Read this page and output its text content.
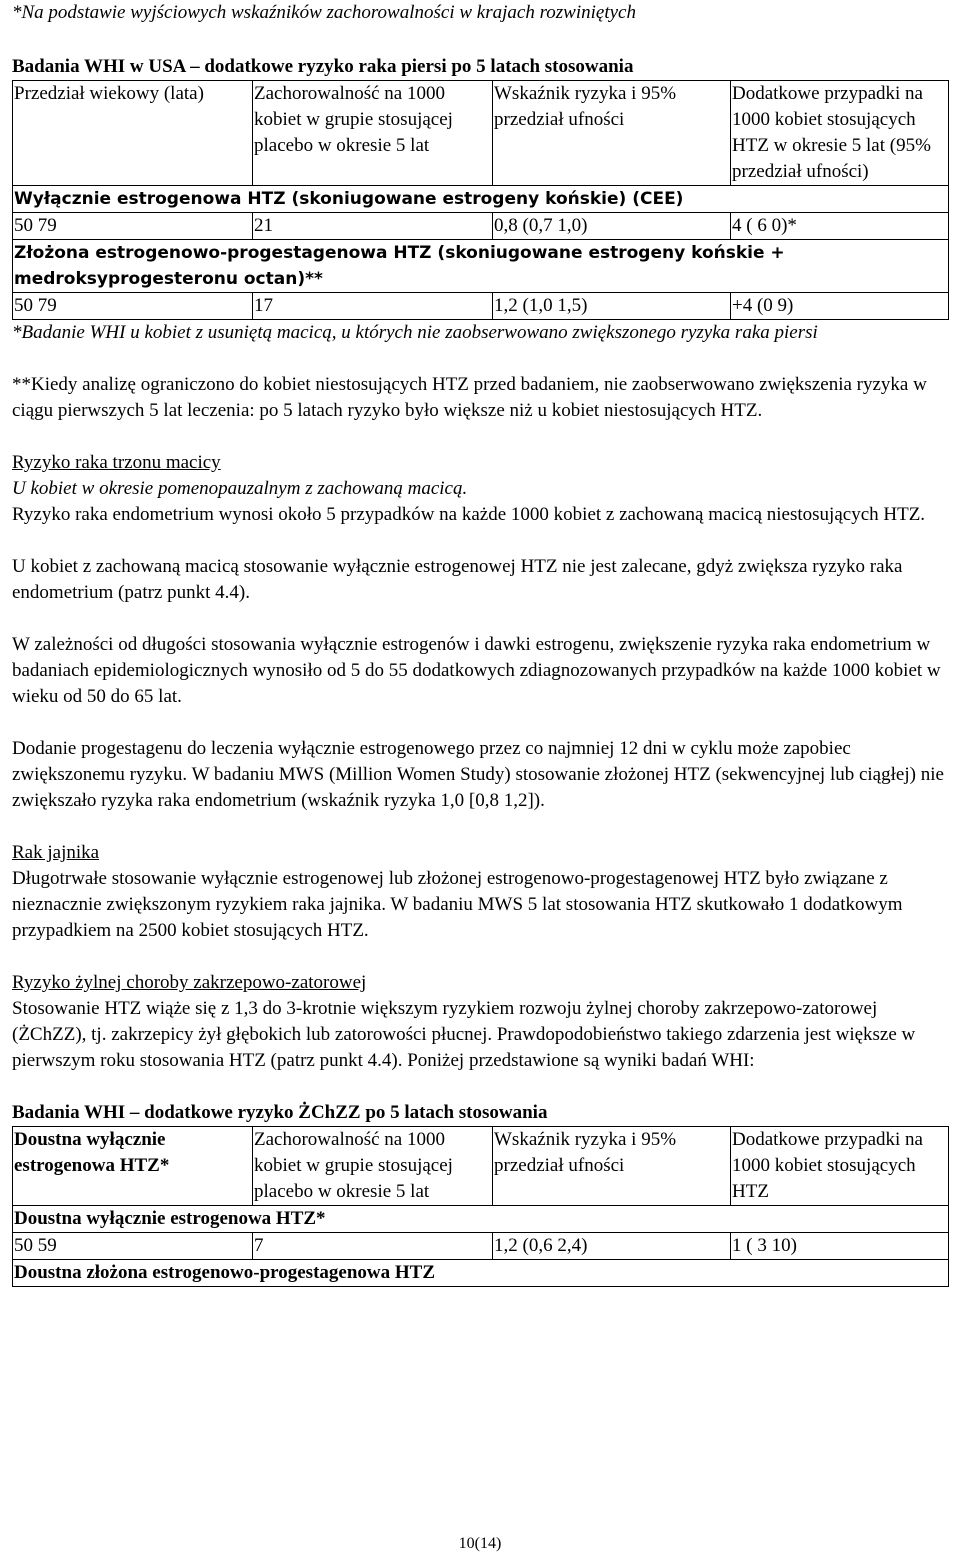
*Na podstawie wyjściowych wskaźników zachorowalności w krajach rozwiniętych

Badania WHI w USA – dodatkowe ryzyko raka piersi po 5 latach stosowania

Przedział wiekowy (lata)	Zachorowalność na 1000 kobiet w grupie stosującej placebo w okresie 5 lat	Wskaźnik ryzyka i 95% przedział ufności	Dodatkowe przypadki na 1000 kobiet stosujących HTZ w okresie 5 lat (95% przedział ufności)
Wyłącznie estrogenowa HTZ (skoniugowane estrogeny końskie) (CEE)			
50 79	21	0,8 (0,7 1,0)	4 ( 6 0)*
Złożona estrogenowo-progestagenowa HTZ (skoniugowane estrogeny końskie + medroksyprogesteronu octan)**			
50 79	17	1,2 (1,0 1,5)	+4 (0 9)

*Badanie WHI u kobiet z usuniętą macicą, u których nie zaobserwowano zwiększonego ryzyka raka piersi

**Kiedy analizę ograniczono do kobiet niestosujących HTZ przed badaniem, nie zaobserwowano zwiększenia ryzyka w ciągu pierwszych 5 lat leczenia: po 5 latach ryzyko było większe niż u kobiet niestosujących HTZ.

Ryzyko raka trzonu macicy

U kobiet w okresie pomenopauzalnym z zachowaną macicą.

Ryzyko raka endometrium wynosi około 5 przypadków na każde 1000 kobiet z zachowaną macicą niestosujących HTZ.

U kobiet z zachowaną macicą stosowanie wyłącznie estrogenowej HTZ nie jest zalecane, gdyż zwiększa ryzyko raka endometrium (patrz punkt 4.4).

W zależności od długości stosowania wyłącznie estrogenów i dawki estrogenu, zwiększenie ryzyka raka endometrium w badaniach epidemiologicznych wynosiło od 5 do 55 dodatkowych zdiagnozowanych przypadków na każde 1000 kobiet w wieku od 50 do 65 lat.

Dodanie progestagenu do leczenia wyłącznie estrogenowego przez co najmniej 12 dni w cyklu może zapobiec zwiększonemu ryzyku. W badaniu MWS (Million Women Study) stosowanie złożonej HTZ (sekwencyjnej lub ciągłej) nie zwiększało ryzyka raka endometrium (wskaźnik ryzyka 1,0 [0,8 1,2]).

Rak jajnika

Długotrwałe stosowanie wyłącznie estrogenowej lub złożonej estrogenowo-progestagenowej HTZ było związane z nieznacznie zwiększonym ryzykiem raka jajnika. W badaniu MWS 5 lat stosowania HTZ skutkowało 1 dodatkowym przypadkiem na 2500 kobiet stosujących HTZ.

Ryzyko żylnej choroby zakrzepowo-zatorowej

Stosowanie HTZ wiąże się z 1,3 do 3-krotnie większym ryzykiem rozwoju żylnej choroby zakrzepowo-zatorowej (ŻChZZ), tj. zakrzepicy żył głębokich lub zatorowości płucnej. Prawdopodobieństwo takiego zdarzenia jest większe w pierwszym roku stosowania HTZ (patrz punkt 4.4). Poniżej przedstawione są wyniki badań WHI:

Badania WHI – dodatkowe ryzyko ŻChZZ po 5 latach stosowania

Doustna wyłącznie estrogenowa HTZ*	Zachorowalność na 1000 kobiet w grupie stosującej placebo w okresie 5 lat	Wskaźnik ryzyka i 95% przedział ufności	Dodatkowe przypadki na 1000 kobiet stosujących HTZ
Doustna wyłącznie estrogenowa HTZ*			
50 59	7	1,2 (0,6 2,4)	1 ( 3 10)
Doustna złożona estrogenowo-progestagenowa HTZ			
10(14)
